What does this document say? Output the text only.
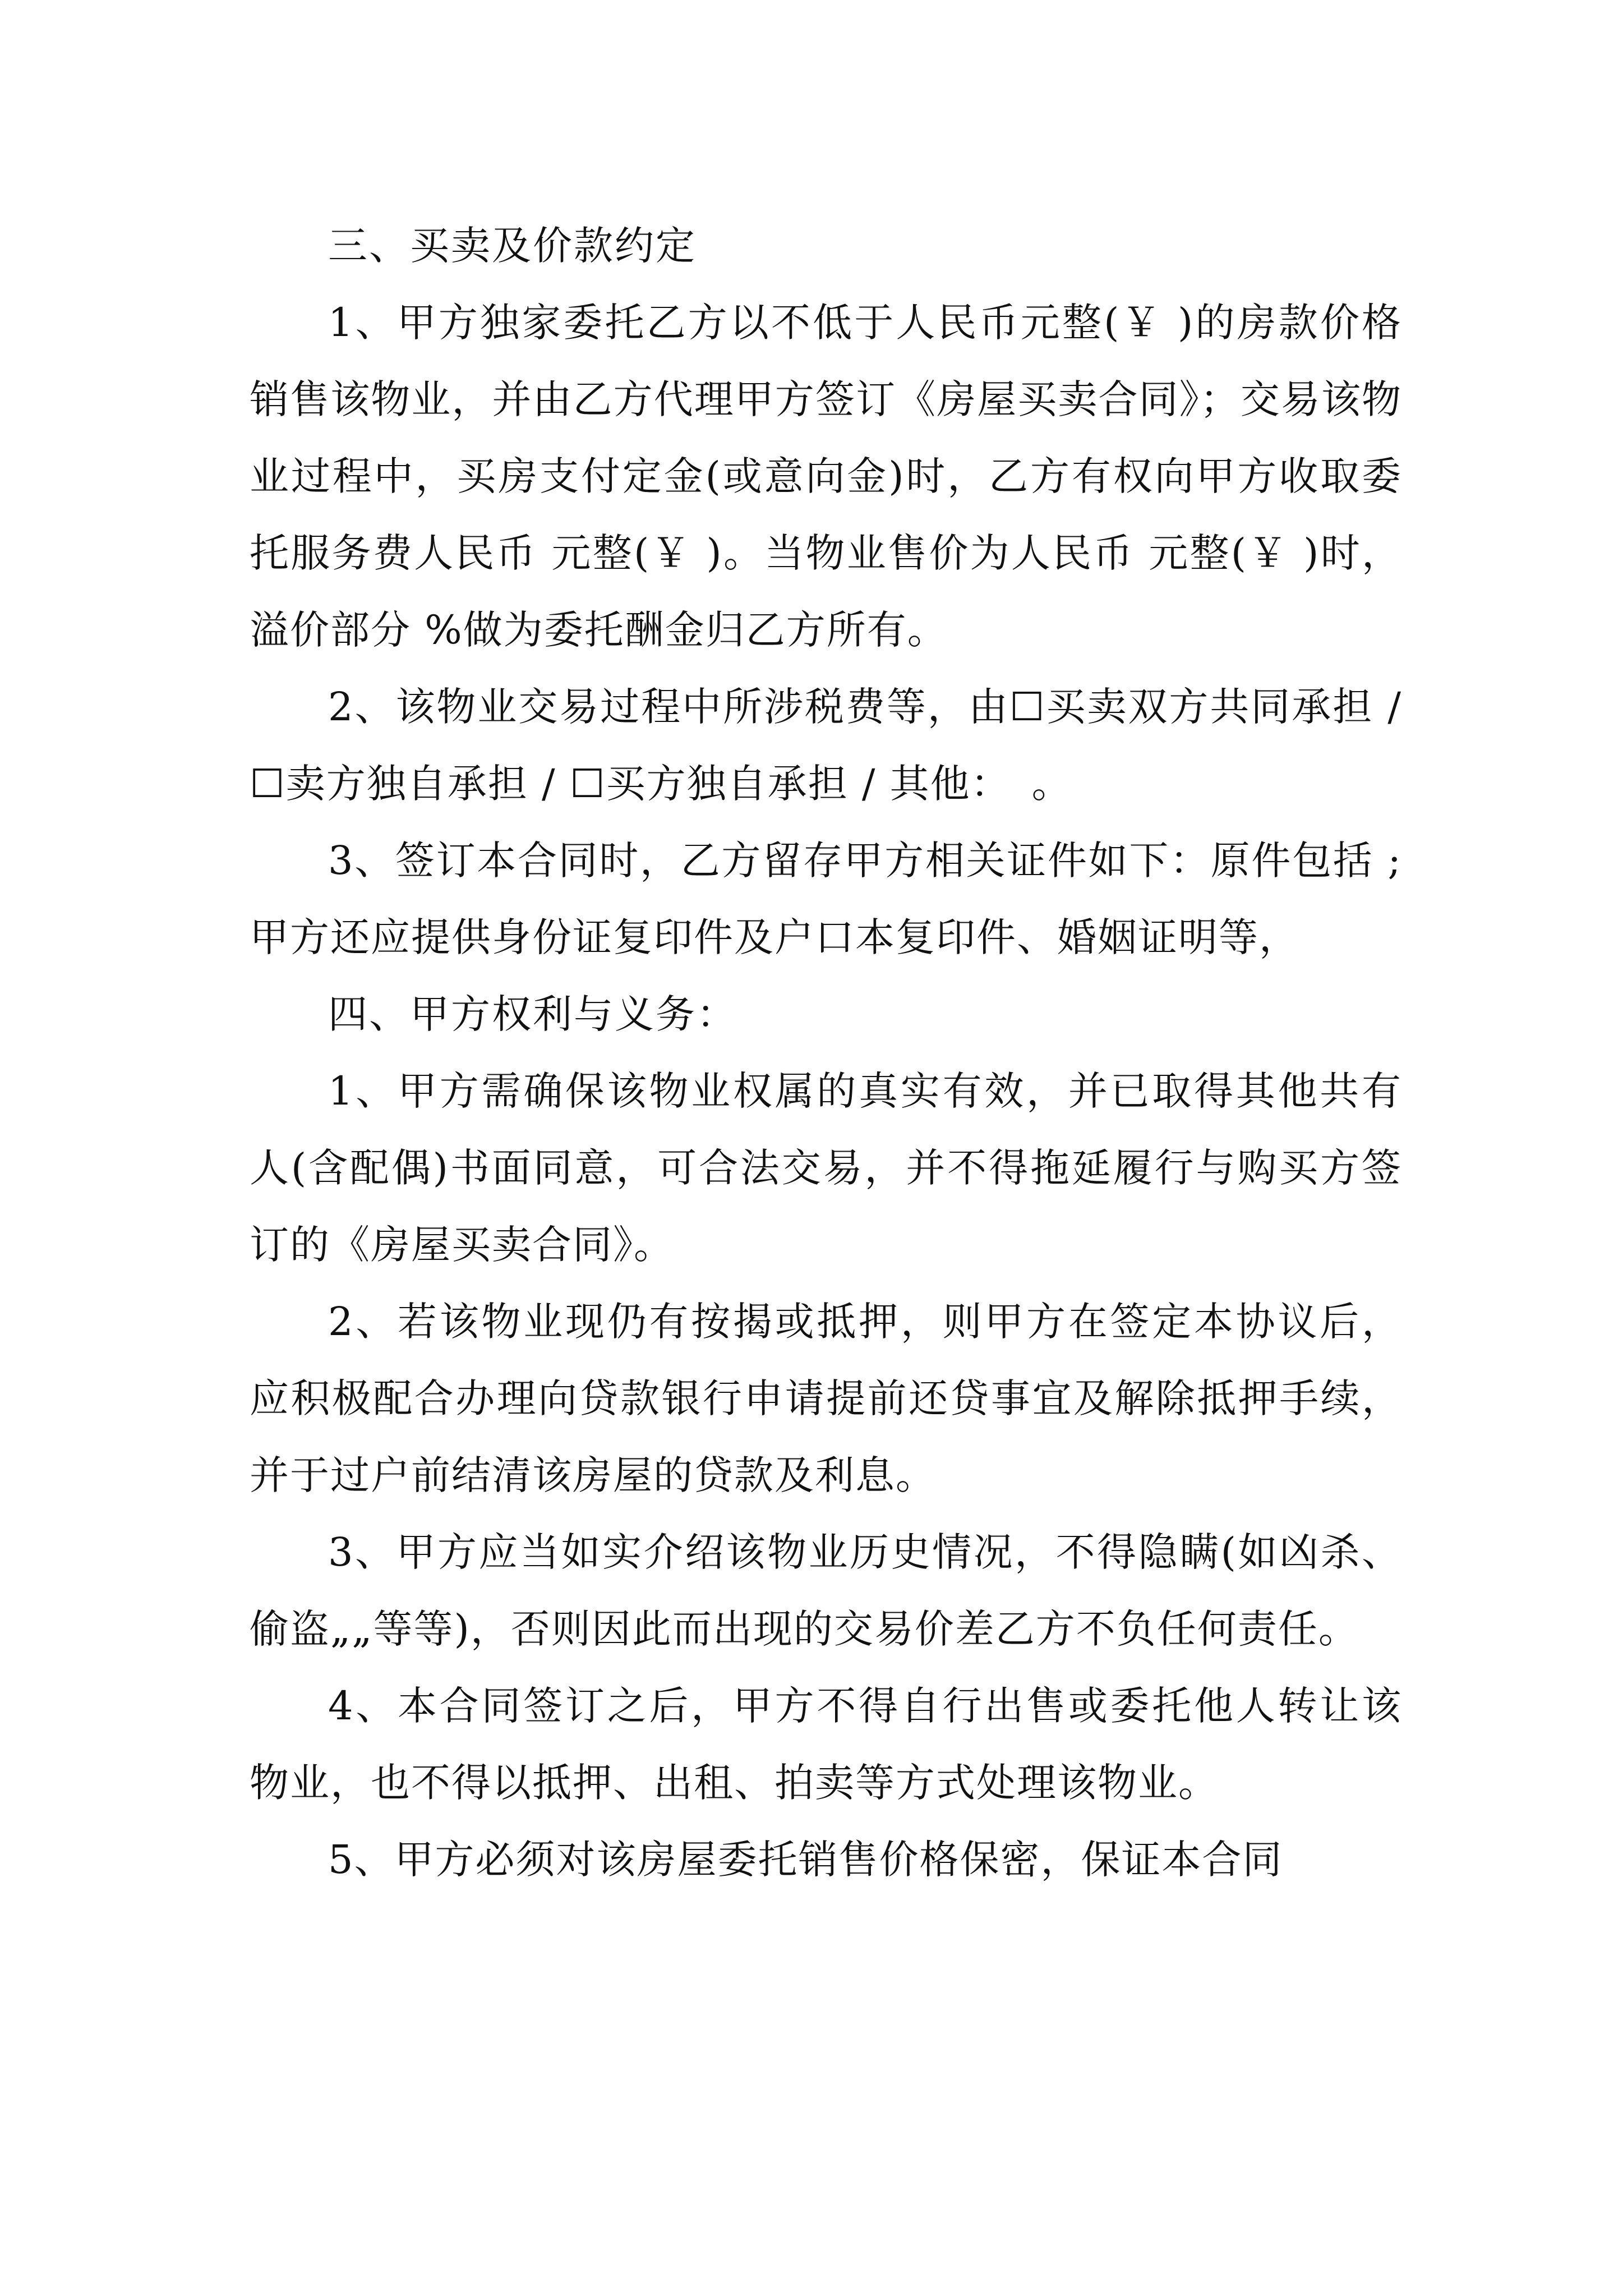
三、买卖及价款约定

1、甲方独家委托乙方以不低于人民币元整(￥ )的房款价格销售该物业，并由乙方代理甲方签订《房屋买卖合同》；交易该物业过程中，买房支付定金(或意向金)时，乙方有权向甲方收取委托服务费人民币 元整(￥ )。当物业售价为人民币 元整(￥ )时，溢价部分 %做为委托酬金归乙方所有。

2、该物业交易过程中所涉税费等，由☐买卖双方共同承担 / ☐卖方独自承担 / ☐买方独自承担 / 其他：　。

3、签订本合同时，乙方留存甲方相关证件如下：原件包括 ;甲方还应提供身份证复印件及户口本复印件、婚姻证明等，

四、甲方权利与义务：

1、甲方需确保该物业权属的真实有效，并已取得其他共有人(含配偶)书面同意，可合法交易，并不得拖延履行与购买方签订的《房屋买卖合同》。

2、若该物业现仍有按揭或抵押，则甲方在签定本协议后，应积极配合办理向贷款银行申请提前还贷事宜及解除抵押手续，并于过户前结清该房屋的贷款及利息。

3、甲方应当如实介绍该物业历史情况，不得隐瞒(如凶杀、偷盗„„等等)，否则因此而出现的交易价差乙方不负任何责任。

4、本合同签订之后，甲方不得自行出售或委托他人转让该物业，也不得以抵押、出租、拍卖等方式处理该物业。

5、甲方必须对该房屋委托销售价格保密，保证本合同
